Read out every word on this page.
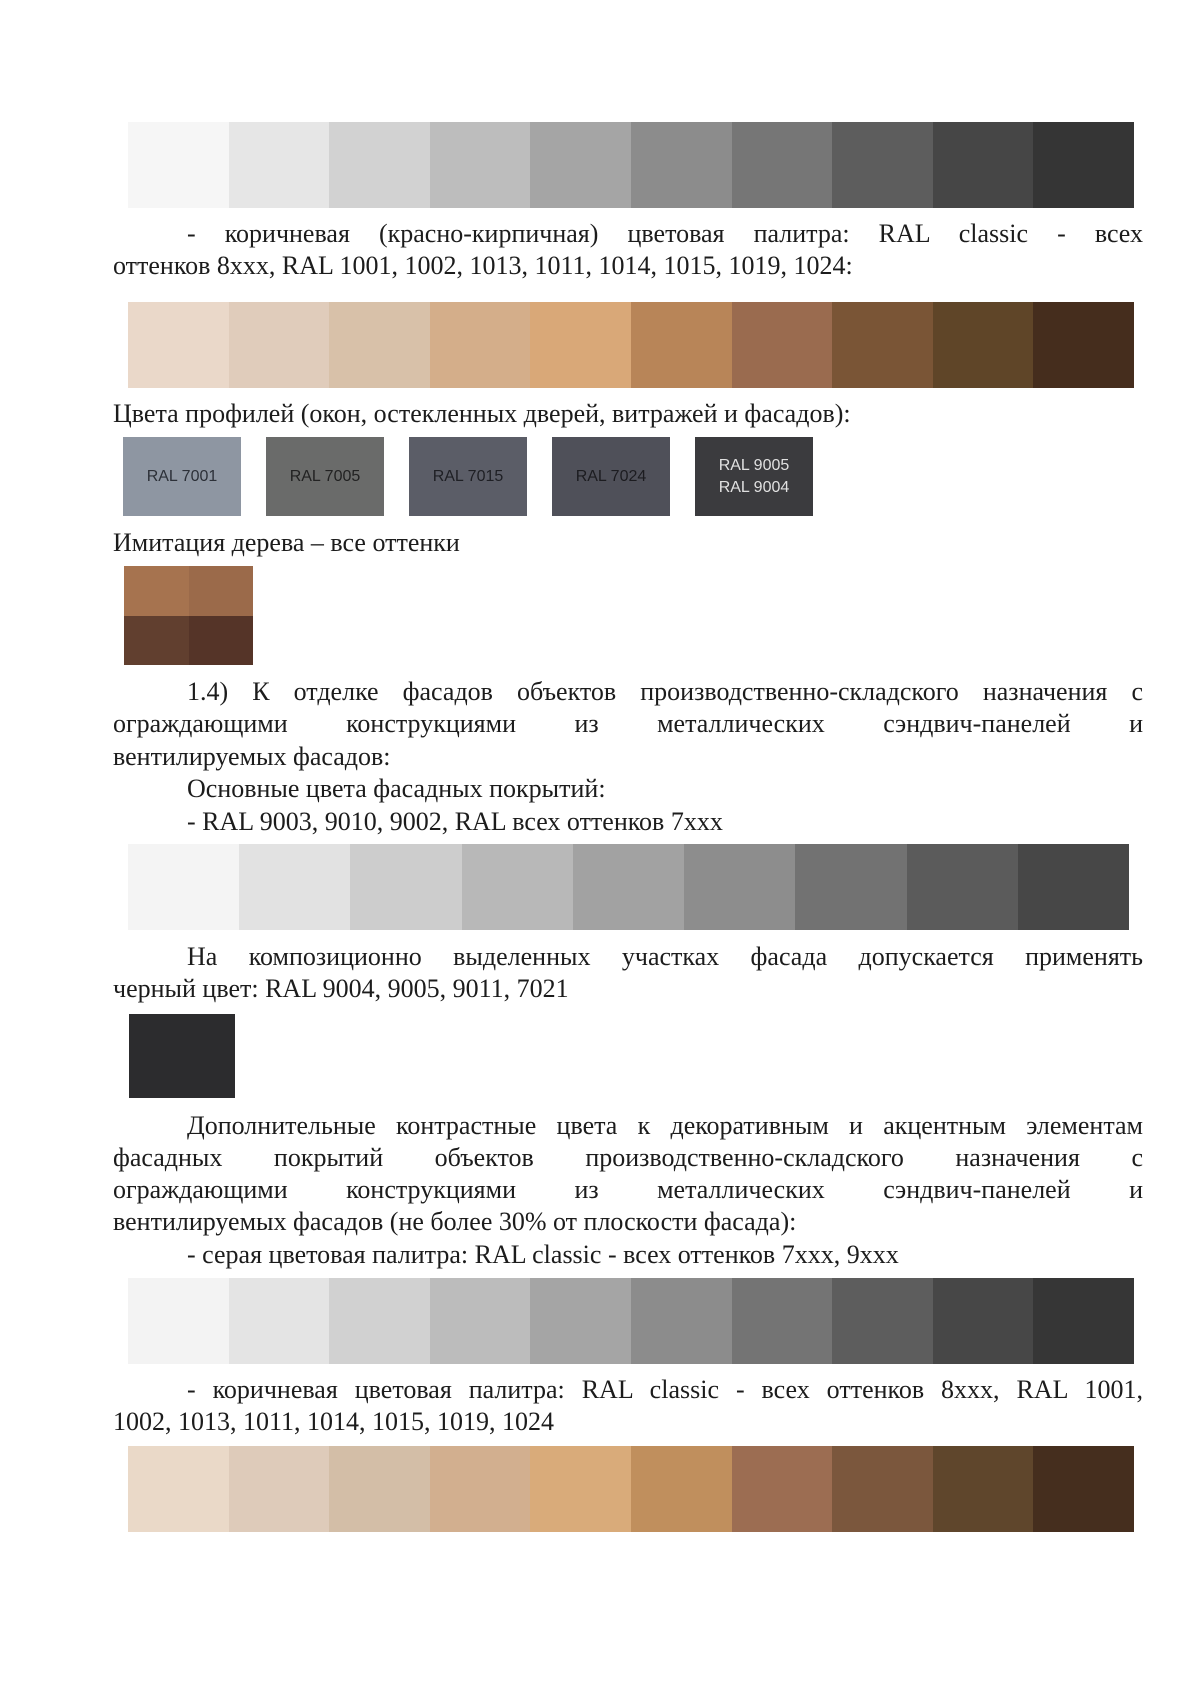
- коричневая (красно-кирпичная) цветовая палитра: RAL classic - всех
оттенков 8xxx, RAL 1001, 1002, 1013, 1011, 1014, 1015, 1019, 1024:
Цвета профилей (окон, остекленных дверей, витражей и фасадов):
RAL 7001	RAL 7005	RAL 7015	RAL 7024
RAL 9005
RAL 9004
Имитация дерева – все оттенки
1.4) К отделке фасадов объектов производственно-складского назначения с
ограждающими конструкциями из металлических сэндвич-панелей и
вентилируемых фасадов:
Основные цвета фасадных покрытий:
- RAL 9003, 9010, 9002, RAL всех оттенков 7xxx
На композиционно выделенных участках фасада допускается применять
черный цвет: RAL 9004, 9005, 9011, 7021
Дополнительные контрастные цвета к декоративным и акцентным элементам
фасадных покрытий объектов производственно-складского назначения с
ограждающими конструкциями из металлических сэндвич-панелей и
вентилируемых фасадов (не более 30% от плоскости фасада):
- серая цветовая палитра: RAL classic - всех оттенков 7xxx, 9xxx
- коричневая цветовая палитра: RAL classic - всех оттенков 8xxx, RAL 1001,
1002, 1013, 1011, 1014, 1015, 1019, 1024
